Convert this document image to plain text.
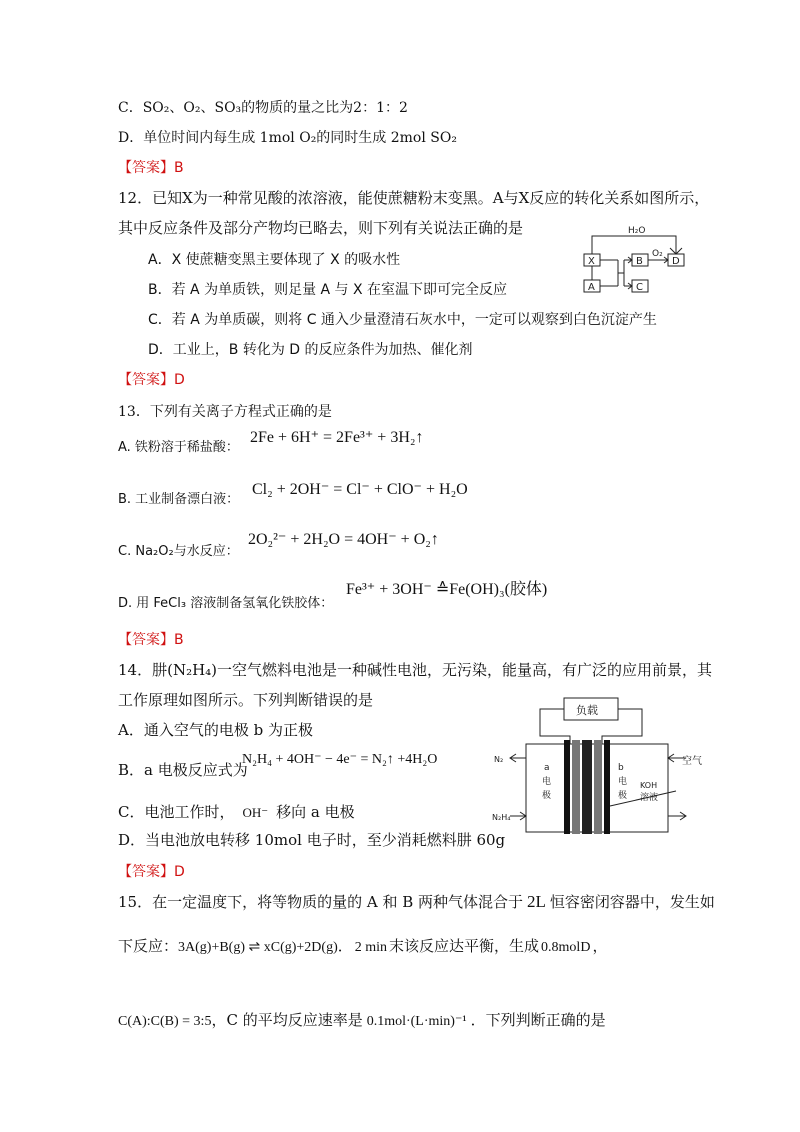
C．SO₂、O₂、SO₃的物质的量之比为2：1：2
D．单位时间内每生成 1mol O₂的同时生成 2mol SO₂
【答案】B
12．已知X为一种常见酸的浓溶液，能使蔗糖粉末变黑。A与X反应的转化关系如图所示，
其中反应条件及部分产物均已略去，则下列有关说法正确的是
A．X 使蔗糖变黑主要体现了 X 的吸水性
B．若 A 为单质铁，则足量 A 与 X 在室温下即可完全反应
C．若 A 为单质碳，则将 C 通入少量澄清石灰水中，一定可以观察到白色沉淀产生
D．工业上，B 转化为 D 的反应条件为加热、催化剂
【答案】D
H₂O
O₂
X	B	D
A	C
13．下列有关离子方程式正确的是
A. 铁粉溶于稀盐酸：
2Fe + 6H⁺ = 2Fe³⁺ + 3H₂↑
B. 工业制备漂白液：
Cl₂ + 2OH⁻ = Cl⁻ + ClO⁻ + H₂O
C. Na₂O₂与水反应：
2O₂²⁻ + 2H₂O = 4OH⁻ + O₂↑
D. 用 FeCl₃ 溶液制备氢氧化铁胶体：
Fe³⁺ + 3OH⁻ ≙Fe(OH)₃(胶体)
【答案】B
14．肼(N₂H₄)一空气燃料电池是一种碱性电池，无污染，能量高，有广泛的应用前景，其
工作原理如图所示。下列判断错误的是
A．通入空气的电极 b 为正极
B．a 电极反应式为
N₂H₄ + 4OH⁻ − 4e⁻ = N₂↑ +4H₂O
C．电池工作时， OH⁻ 移向 a 电极
D．当电池放电转移 10mol 电子时，至少消耗燃料肼 60g
【答案】D
负载
N₂
N₂H₄
空气
a
电
极
b
电
极
KOH
溶液
15．在一定温度下，将等物质的量的 A 和 B 两种气体混合于 2L 恒容密闭容器中，发生如
下反应：3A(g)+B(g) ⇌ xC(g)+2D(g)． 2 min 末该反应达平衡，生成 0.8molD ，
C(A):C(B) = 3:5，C 的平均反应速率是 0.1mol·(L·min)⁻¹ ．下列判断正确的是
